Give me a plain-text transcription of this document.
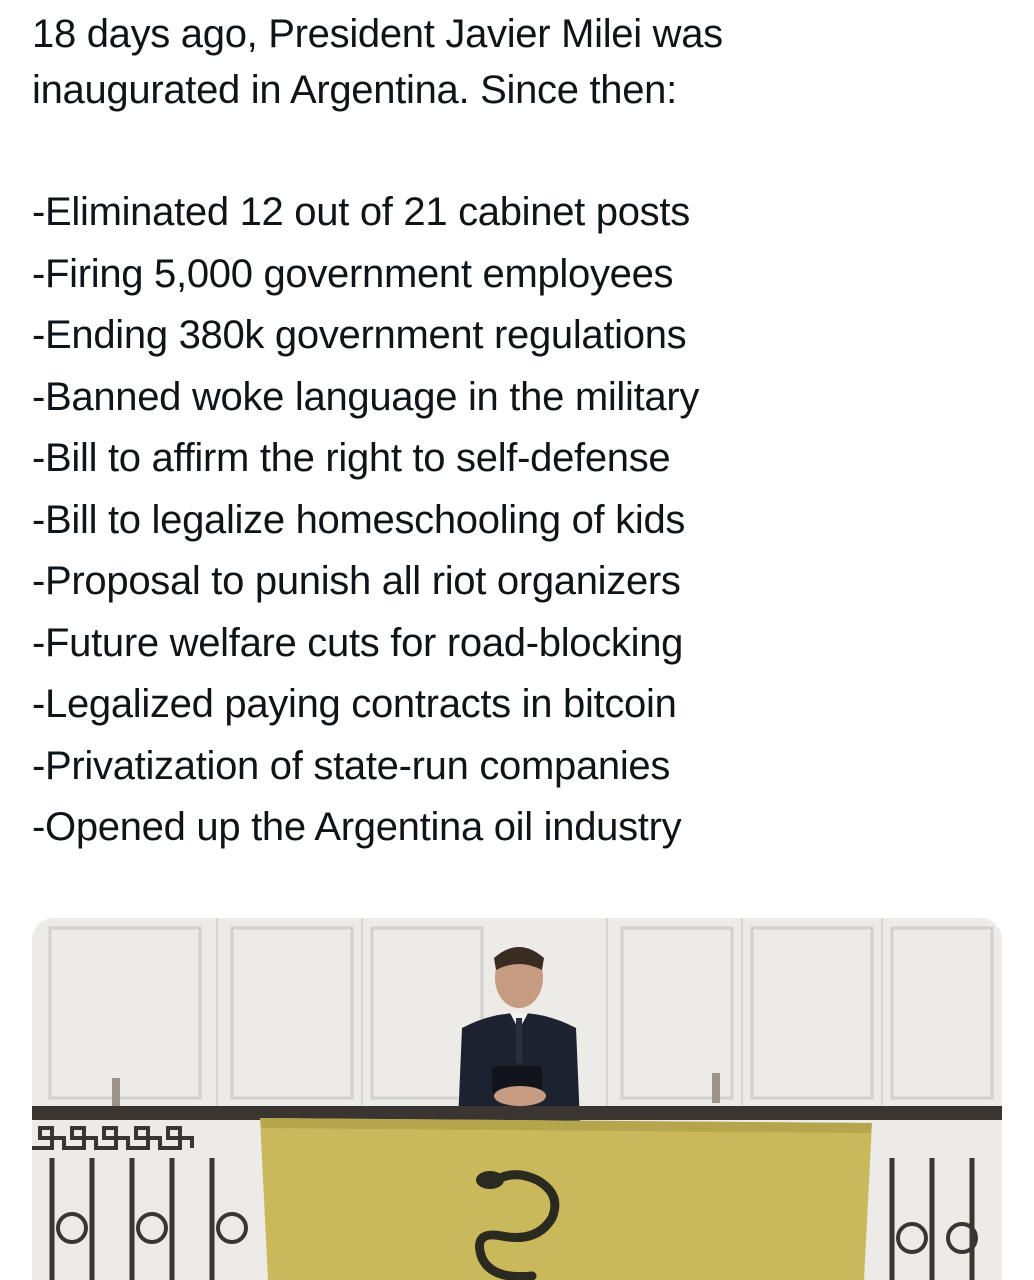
18 days ago, President Javier Milei was
inaugurated in Argentina. Since then:
-Eliminated 12 out of 21 cabinet posts
-Firing 5,000 government employees
-Ending 380k government regulations
-Banned woke language in the military
-Bill to affirm the right to self-defense
-Bill to legalize homeschooling of kids
-Proposal to punish all riot organizers
-Future welfare cuts for road-blocking
-Legalized paying contracts in bitcoin
-Privatization of state-run companies
-Opened up the Argentina oil industry
